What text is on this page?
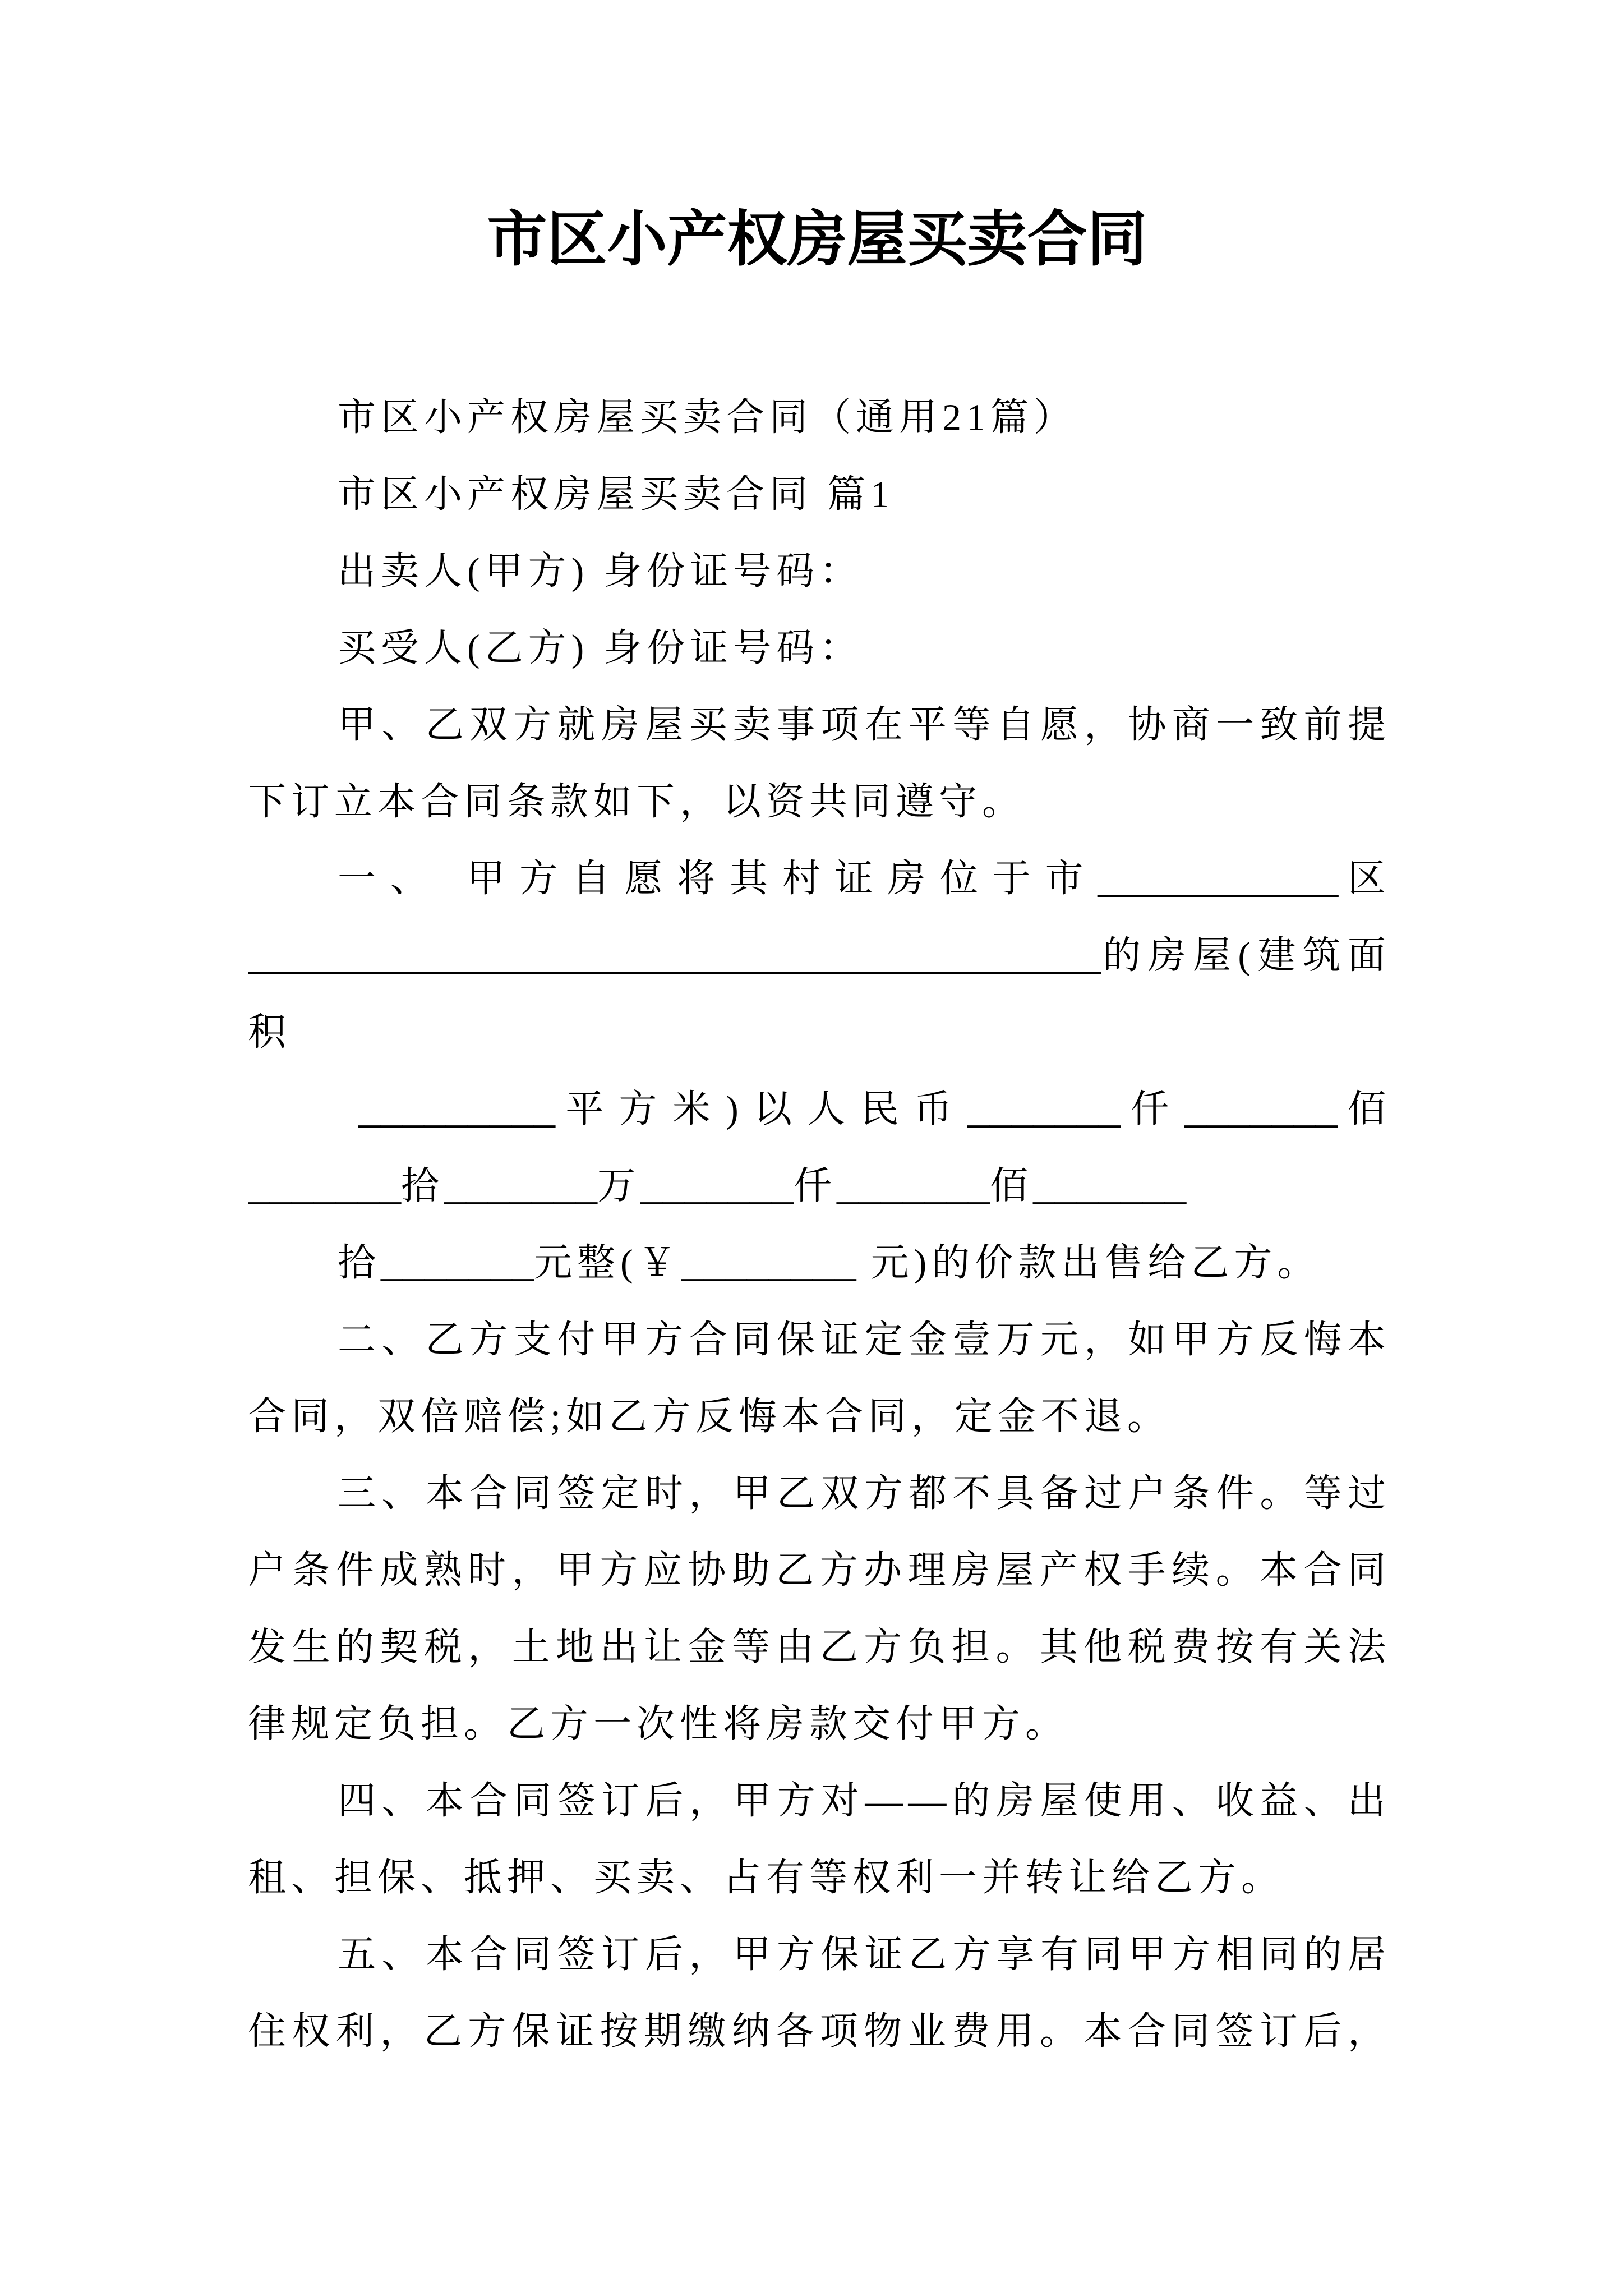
市区小产权房屋买卖合同
市区小产权房屋买卖合同（通用21篇）
市区小产权房屋买卖合同 篇1
出卖人(甲方) 身份证号码：
买受人(乙方) 身份证号码：
甲、乙双方就房屋买卖事项在平等自愿，协商一致前提
下订立本合同条款如下，以资共同遵守。
一、 甲方自愿将其村证房位于市___________区
_______________________________________的房屋(建筑面
积
_________平方米)以人民币_______仟_______佰
_______拾_______万_______仟_______佰_______
拾_______元整(￥________ 元)的价款出售给乙方。
二、乙方支付甲方合同保证定金壹万元，如甲方反悔本
合同，双倍赔偿;如乙方反悔本合同，定金不退。
三、本合同签定时，甲乙双方都不具备过户条件。等过
户条件成熟时，甲方应协助乙方办理房屋产权手续。本合同
发生的契税，土地出让金等由乙方负担。其他税费按有关法
律规定负担。乙方一次性将房款交付甲方。
四、本合同签订后，甲方对——的房屋使用、收益、出
租、担保、抵押、买卖、占有等权利一并转让给乙方。
五、本合同签订后，甲方保证乙方享有同甲方相同的居
住权利，乙方保证按期缴纳各项物业费用。本合同签订后，
